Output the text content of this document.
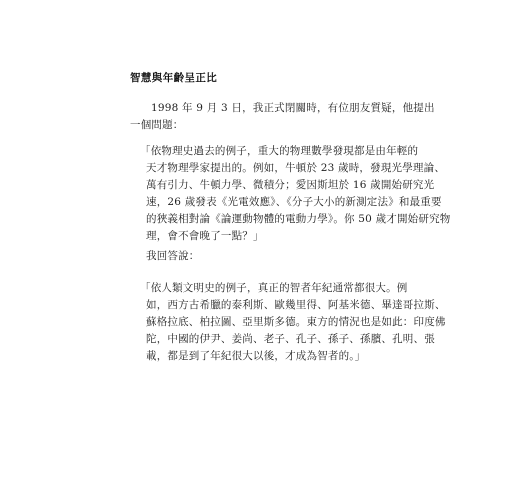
智慧與年齡呈正比
1998 年 9 月 3 日，我正式閉關時，有位朋友質疑，他提出
一個問題：
「依物理史過去的例子，重大的物理數學發現都是由年輕的
天才物理學家提出的。例如，牛頓於 23 歲時，發現光學理論、
萬有引力、牛頓力學、微積分；愛因斯坦於 16 歲開始研究光
速，26 歲發表《光電效應》、《分子大小的新測定法》和最重要
的狹義相對論《論運動物體的電動力學》。你 50 歲才開始研究物
理，會不會晚了一點？」
我回答說：
「依人類文明史的例子，真正的智者年紀通常都很大。例
如，西方古希臘的泰利斯、歐幾里得、阿基米德、畢達哥拉斯、
蘇格拉底、柏拉圖、亞里斯多德。東方的情況也是如此：印度佛
陀，中國的伊尹、姜尚、老子、孔子、孫子、孫臏、孔明、張
載，都是到了年紀很大以後，才成為智者的。」
